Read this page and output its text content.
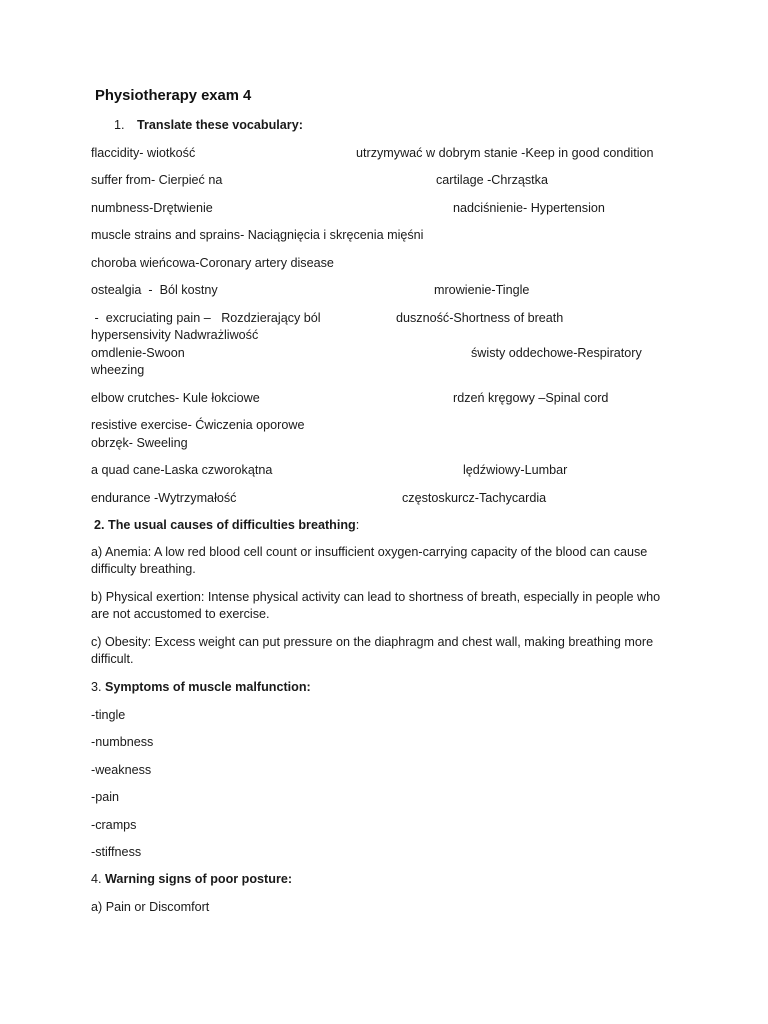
Physiotherapy exam 4
1. Translate these vocabulary:
flaccidity- wiotkość	utrzymywać w dobrym stanie -Keep in good condition
suffer from- Cierpieć na	cartilage -Chrząstka
numbness-Drętwienie	nadciśnienie- Hypertension
muscle strains and sprains- Naciągnięcia i skręcenia mięśni
choroba wieńcowa-Coronary artery disease
ostealgia  -  Ból kostny	mrowienie-Tingle
-  excruciating pain –   Rozdzierający ból	duszność-Shortness of breath
hypersensivity Nadwrażliwość
omdlenie-Swoon	świsty oddechowe-Respiratory
wheezing
elbow crutches- Kule łokciowe	rdzeń kręgowy –Spinal cord
resistive exercise- Ćwiczenia oporowe
obrzęk- Sweeling
a quad cane-Laska czworokątna	lędźwiowy-Lumbar
endurance -Wytrzymałość	częstoskurcz-Tachycardia
2. The usual causes of difficulties breathing:
a) Anemia: A low red blood cell count or insufficient oxygen-carrying capacity of the blood can cause difficulty breathing.
b) Physical exertion: Intense physical activity can lead to shortness of breath, especially in people who are not accustomed to exercise.
c) Obesity: Excess weight can put pressure on the diaphragm and chest wall, making breathing more difficult.
3. Symptoms of muscle malfunction:
-tingle
-numbness
-weakness
-pain
-cramps
-stiffness
4. Warning signs of poor posture:
a) Pain or Discomfort
